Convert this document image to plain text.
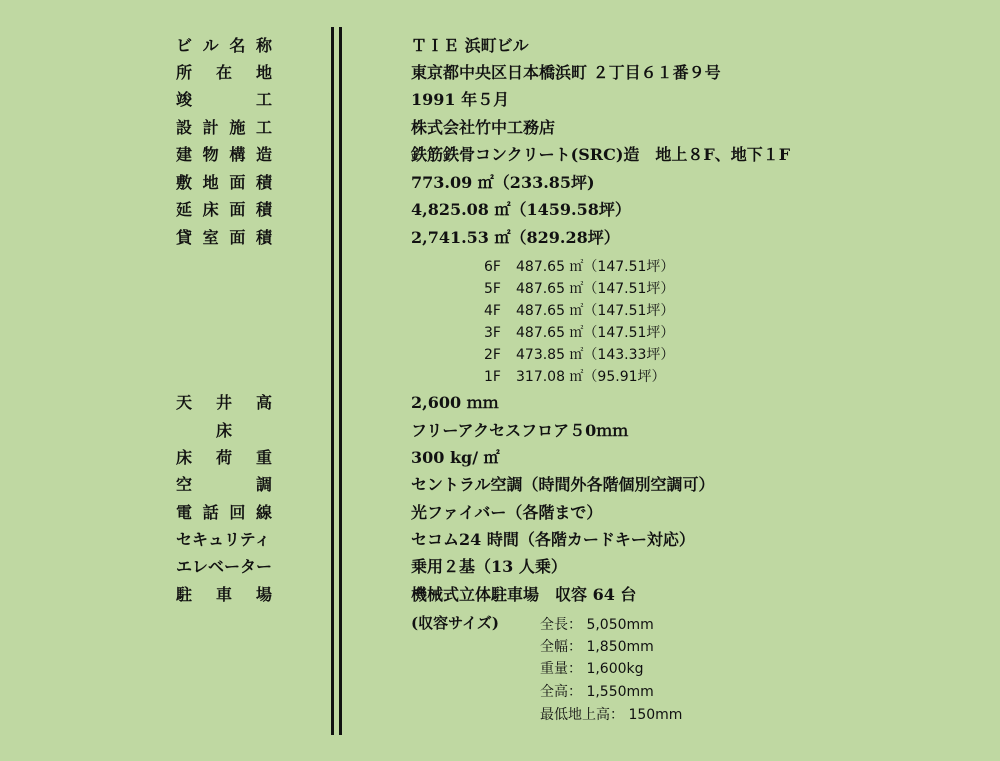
ビル名称	ＴＩＥ 浜町ビル
所　在　地	東京都中央区日本橋浜町 ２丁目６１番９号
竣　　　工	1991 年５月
設計施工	株式会社竹中工務店
建物構造	鉄筋鉄骨コンクリート(SRC)造　地上８F、地下１F
敷地面積	773.09 ㎡（233.85坪)
延床面積	4,825.08 ㎡（1459.58坪）
貸室面積	2,741.53 ㎡（829.28坪）
6F 487.65 ㎡（147.51坪）
5F 487.65 ㎡（147.51坪）
4F 487.65 ㎡（147.51坪）
3F 487.65 ㎡（147.51坪）
2F 473.85 ㎡（143.33坪）
1F 317.08 ㎡（95.91坪）
天　井　高	2,600 ｍｍ
床	フリーアクセスフロア５0ｍｍ
床　荷　重	300 kg/ ㎡
空　　　調	セントラル空調（時間外各階個別空調可）
電話回線	光ファイバー（各階まで）
セキュリティ	セコム24 時間（各階カードキー対応）
エレベーター	乗用２基（13 人乗）
駐　車　場	機械式立体駐車場　収容 64 台
(収容サイズ)	全長： 5,050mm
全幅： 1,850mm
重量： 1,600kg
全高： 1,550mm
最低地上高： 150mm
